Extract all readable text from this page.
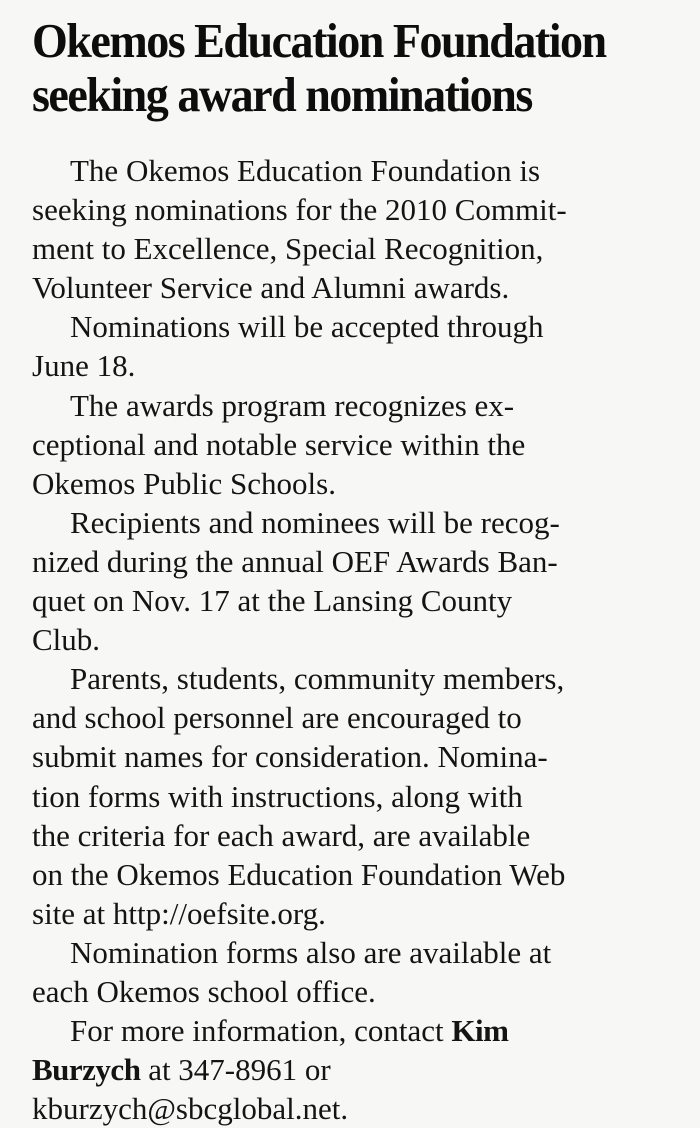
Okemos Education Foundation
seeking award nominations
The Okemos Education Foundation is
seeking nominations for the 2010 Commit-
ment to Excellence, Special Recognition,
Volunteer Service and Alumni awards.
Nominations will be accepted through
June 18.
The awards program recognizes ex-
ceptional and notable service within the
Okemos Public Schools.
Recipients and nominees will be recog-
nized during the annual OEF Awards Ban-
quet on Nov. 17 at the Lansing County
Club.
Parents, students, community members,
and school personnel are encouraged to
submit names for consideration. Nomina-
tion forms with instructions, along with
the criteria for each award, are available
on the Okemos Education Foundation Web
site at http://oefsite.org.
Nomination forms also are available at
each Okemos school office.
For more information, contact Kim
Burzych at 347-8961 or
kburzych@sbcglobal.net.
